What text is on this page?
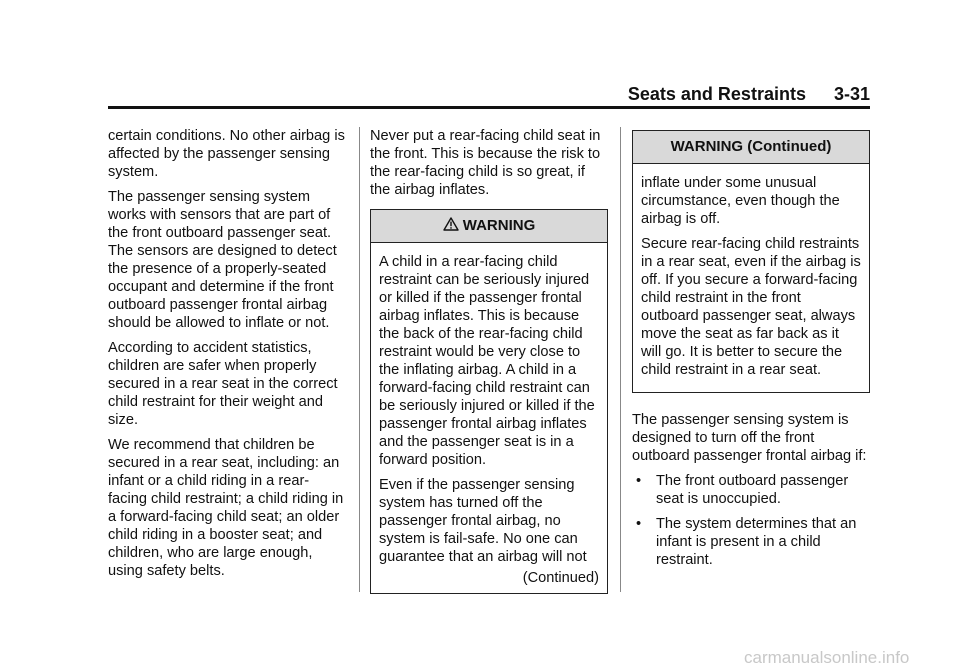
Seats and Restraints 3-31

certain conditions. No other airbag is affected by the passenger sensing system.

The passenger sensing system works with sensors that are part of the front outboard passenger seat. The sensors are designed to detect the presence of a properly-seated occupant and determine if the front outboard passenger frontal airbag should be allowed to inflate or not.

According to accident statistics, children are safer when properly secured in a rear seat in the correct child restraint for their weight and size.

We recommend that children be secured in a rear seat, including: an infant or a child riding in a rear-facing child restraint; a child riding in a forward-facing child seat; an older child riding in a booster seat; and children, who are large enough, using safety belts.

Never put a rear-facing child seat in the front. This is because the risk to the rear-facing child is so great, if the airbag inflates.

WARNING

A child in a rear-facing child restraint can be seriously injured or killed if the passenger frontal airbag inflates. This is because the back of the rear-facing child restraint would be very close to the inflating airbag. A child in a forward-facing child restraint can be seriously injured or killed if the passenger frontal airbag inflates and the passenger seat is in a forward position.

Even if the passenger sensing system has turned off the passenger frontal airbag, no system is fail-safe. No one can guarantee that an airbag will not

(Continued)
WARNING (Continued)

inflate under some unusual circumstance, even though the airbag is off.

Secure rear-facing child restraints in a rear seat, even if the airbag is off. If you secure a forward-facing child restraint in the front outboard passenger seat, always move the seat as far back as it will go. It is better to secure the child restraint in a rear seat.

The passenger sensing system is designed to turn off the front outboard passenger frontal airbag if:

• The front outboard passenger seat is unoccupied.
• The system determines that an infant is present in a child restraint.
carmanualsonline.info
